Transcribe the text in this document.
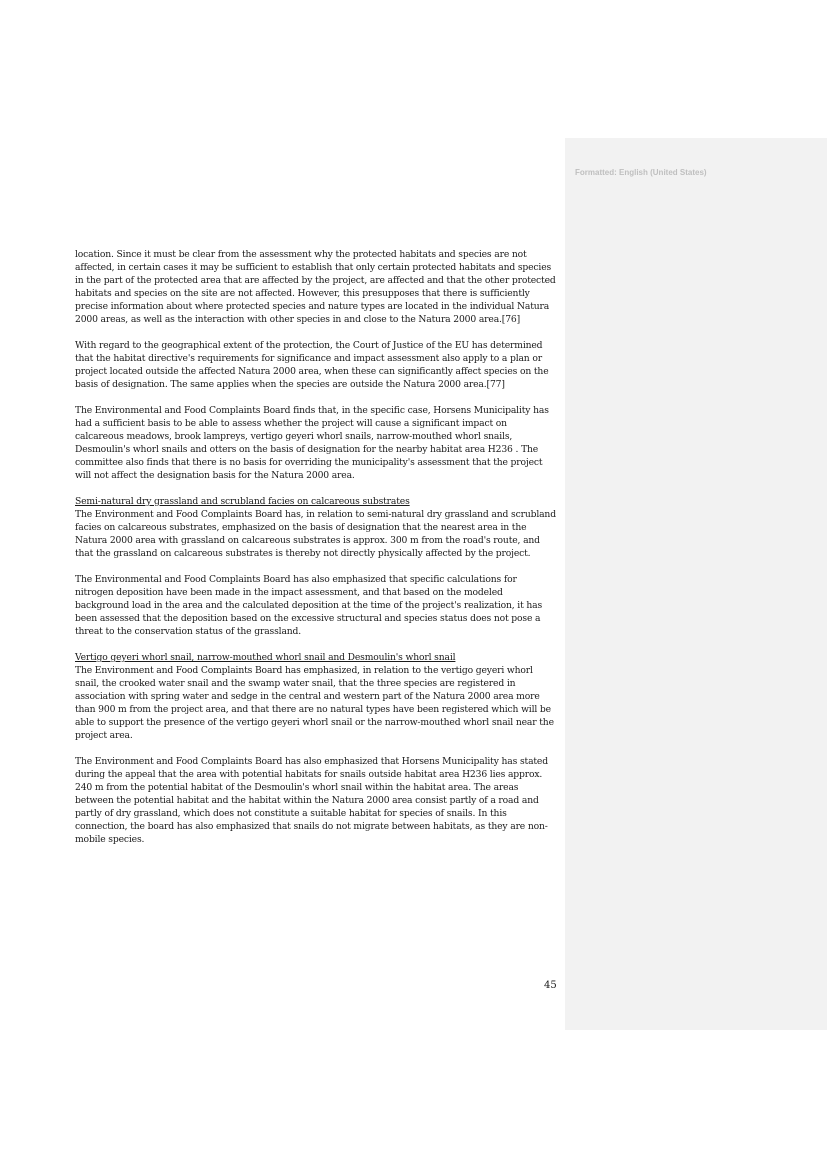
Formatted: English (United States)

location. Since it must be clear from the assessment why the protected habitats and species are not affected, in certain cases it may be sufficient to establish that only certain protected habitats and species in the part of the protected area that are affected by the project, are affected and that the other protected habitats and species on the site are not affected. However, this presupposes that there is sufficiently precise information about where protected species and nature types are located in the individual Natura 2000 areas, as well as the interaction with other species in and close to the Natura 2000 area.[76]

With regard to the geographical extent of the protection, the Court of Justice of the EU has determined that the habitat directive's requirements for significance and impact assessment also apply to a plan or project located outside the affected Natura 2000 area, when these can significantly affect species on the basis of designation. The same applies when the species are outside the Natura 2000 area.[77]

The Environmental and Food Complaints Board finds that, in the specific case, Horsens Municipality has had a sufficient basis to be able to assess whether the project will cause a significant impact on calcareous meadows, brook lampreys, vertigo geyeri whorl snails, narrow-mouthed whorl snails, Desmoulin's whorl snails and otters on the basis of designation for the nearby habitat area H236 . The committee also finds that there is no basis for overriding the municipality's assessment that the project will not affect the designation basis for the Natura 2000 area.

Semi-natural dry grassland and scrubland facies on calcareous substrates

The Environment and Food Complaints Board has, in relation to semi-natural dry grassland and scrubland facies on calcareous substrates, emphasized on the basis of designation that the nearest area in the Natura 2000 area with grassland on calcareous substrates is approx. 300 m from the road's route, and that the grassland on calcareous substrates is thereby not directly physically affected by the project.

The Environmental and Food Complaints Board has also emphasized that specific calculations for nitrogen deposition have been made in the impact assessment, and that based on the modeled background load in the area and the calculated deposition at the time of the project's realization, it has been assessed that the deposition based on the excessive structural and species status does not pose a threat to the conservation status of the grassland.

Vertigo geyeri whorl snail, narrow-mouthed whorl snail and Desmoulin's whorl snail

The Environment and Food Complaints Board has emphasized, in relation to the vertigo geyeri whorl snail, the crooked water snail and the swamp water snail, that the three species are registered in association with spring water and sedge in the central and western part of the Natura 2000 area more than 900 m from the project area, and that there are no natural types have been registered which will be able to support the presence of the vertigo geyeri whorl snail or the narrow-mouthed whorl snail near the project area.

The Environment and Food Complaints Board has also emphasized that Horsens Municipality has stated during the appeal that the area with potential habitats for snails outside habitat area H236 lies approx. 240 m from the potential habitat of the Desmoulin's whorl snail within the habitat area. The areas between the potential habitat and the habitat within the Natura 2000 area consist partly of a road and partly of dry grassland, which does not constitute a suitable habitat for species of snails. In this connection, the board has also emphasized that snails do not migrate between habitats, as they are non-mobile species.

45
